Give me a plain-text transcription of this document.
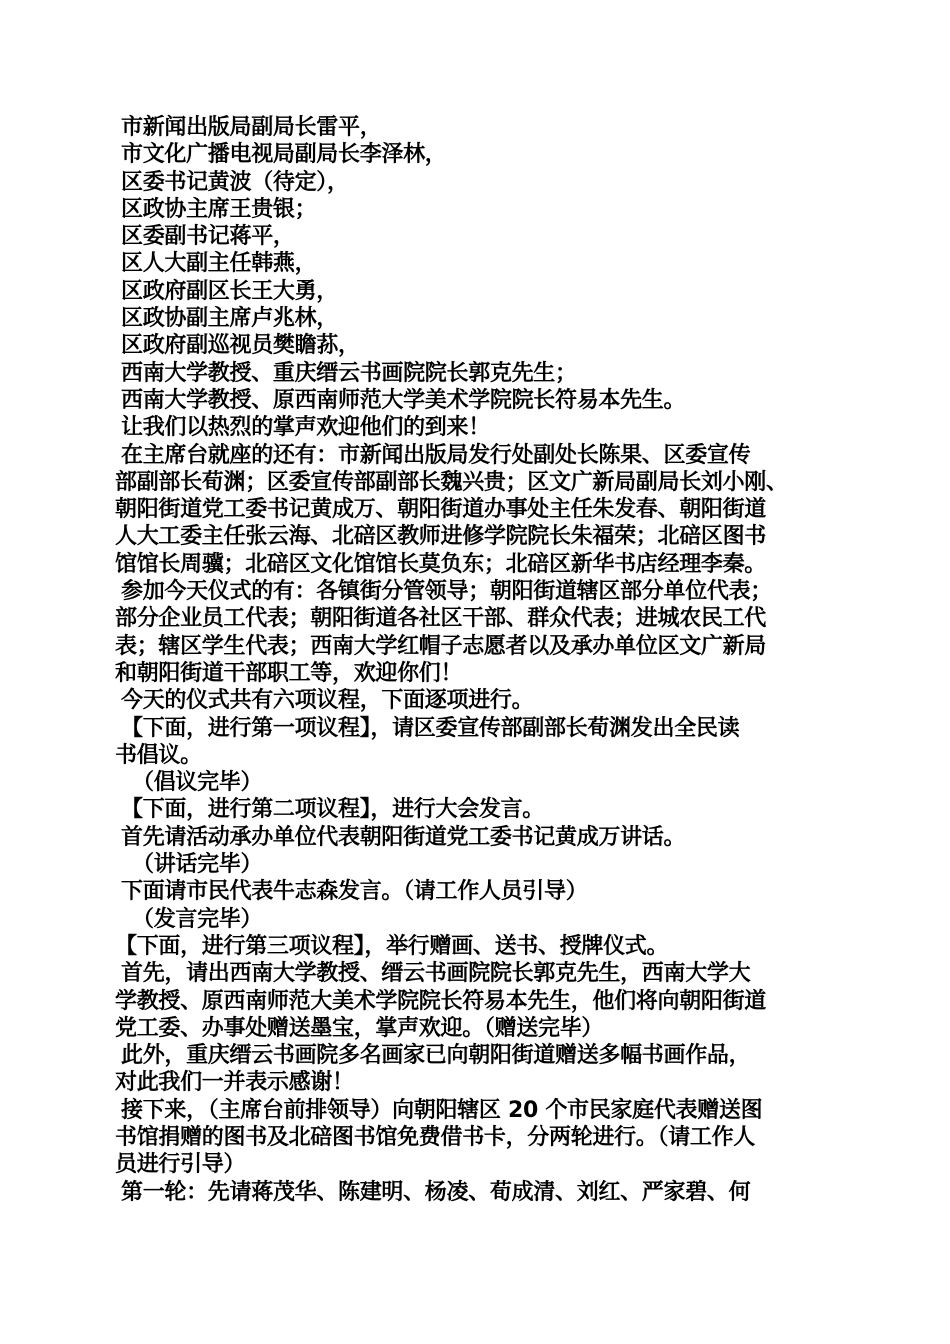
市新闻出版局副局长雷平，
市文化广播电视局副局长李泽林，
区委书记黄波（待定），
区政协主席王贵银；
区委副书记蒋平，
区人大副主任韩燕，
区政府副区长王大勇，
区政协副主席卢兆林，
区政府副巡视员樊瞻荪，
西南大学教授、重庆缙云书画院院长郭克先生；
西南大学教授、原西南师范大学美术学院院长符易本先生。
让我们以热烈的掌声欢迎他们的到来！
在主席台就座的还有：市新闻出版局发行处副处长陈果、区委宣传
部副部长荀渊；区委宣传部副部长魏兴贵；区文广新局副局长刘小刚、
朝阳街道党工委书记黄成万、朝阳街道办事处主任朱发春、朝阳街道
人大工委主任张云海、北碚区教师进修学院院长朱福荣；北碚区图书
馆馆长周骥；北碚区文化馆馆长莫负东；北碚区新华书店经理李秦。
参加今天仪式的有：各镇街分管领导；朝阳街道辖区部分单位代表；
部分企业员工代表；朝阳街道各社区干部、群众代表；进城农民工代
表；辖区学生代表；西南大学红帽子志愿者以及承办单位区文广新局
和朝阳街道干部职工等，欢迎你们！
今天的仪式共有六项议程，下面逐项进行。
【下面，进行第一项议程】，请区委宣传部副部长荀渊发出全民读
书倡议。
（倡议完毕）
【下面，进行第二项议程】，进行大会发言。
首先请活动承办单位代表朝阳街道党工委书记黄成万讲话。
（讲话完毕）
下面请市民代表牛志森发言。（请工作人员引导）
（发言完毕）
【下面，进行第三项议程】，举行赠画、送书、授牌仪式。
首先，请出西南大学教授、缙云书画院院长郭克先生，西南大学大
学教授、原西南师范大美术学院院长符易本先生，他们将向朝阳街道
党工委、办事处赠送墨宝，掌声欢迎。（赠送完毕）
此外，重庆缙云书画院多名画家已向朝阳街道赠送多幅书画作品，
对此我们一并表示感谢！
接下来，（主席台前排领导）向朝阳辖区 20 个市民家庭代表赠送图
书馆捐赠的图书及北碚图书馆免费借书卡，分两轮进行。（请工作人
员进行引导）
第一轮：先请蒋茂华、陈建明、杨凌、荀成清、刘红、严家碧、何
